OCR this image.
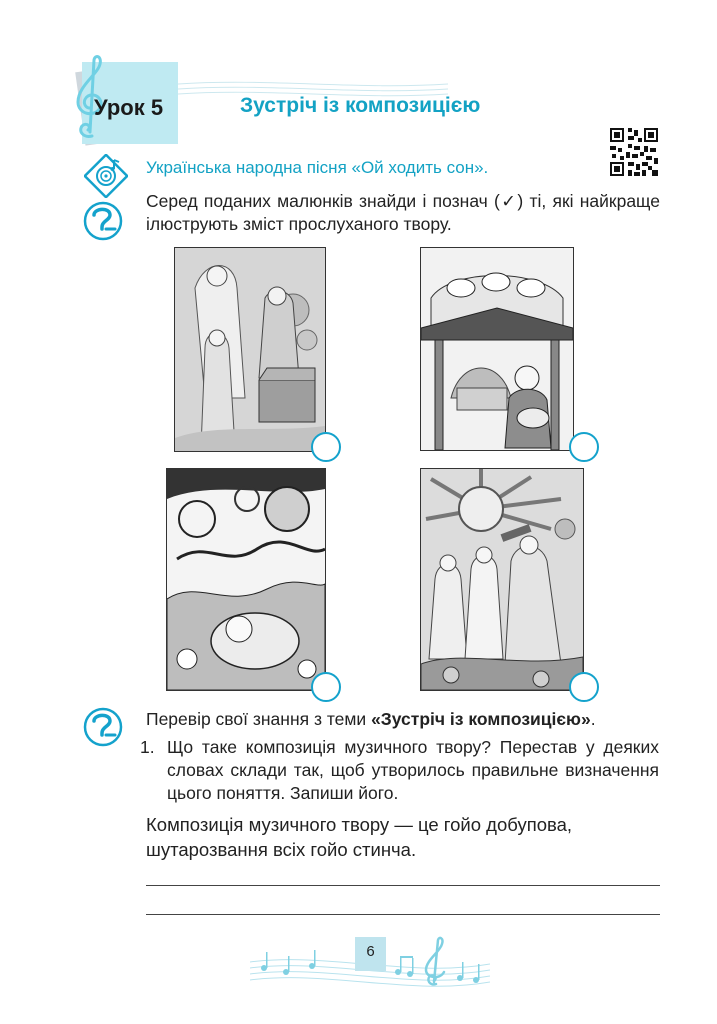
Урок 5	Зустріч із композицією
Українська народна пісня «Ой ходить сон».
Серед поданих малюнків знайди і познач (✓) ті, які найкраще ілюструють зміст прослуханого твору.
Перевір свої знання з теми «Зустріч із композицією».
1. Що таке композиція музичного твору? Перестав у деяких словах склади так, щоб утворилось правильне визначення цього поняття. Запиши його.
Композиція музичного твору — це гойо добупова, шутарозвання всіх гойо стинча.
6
